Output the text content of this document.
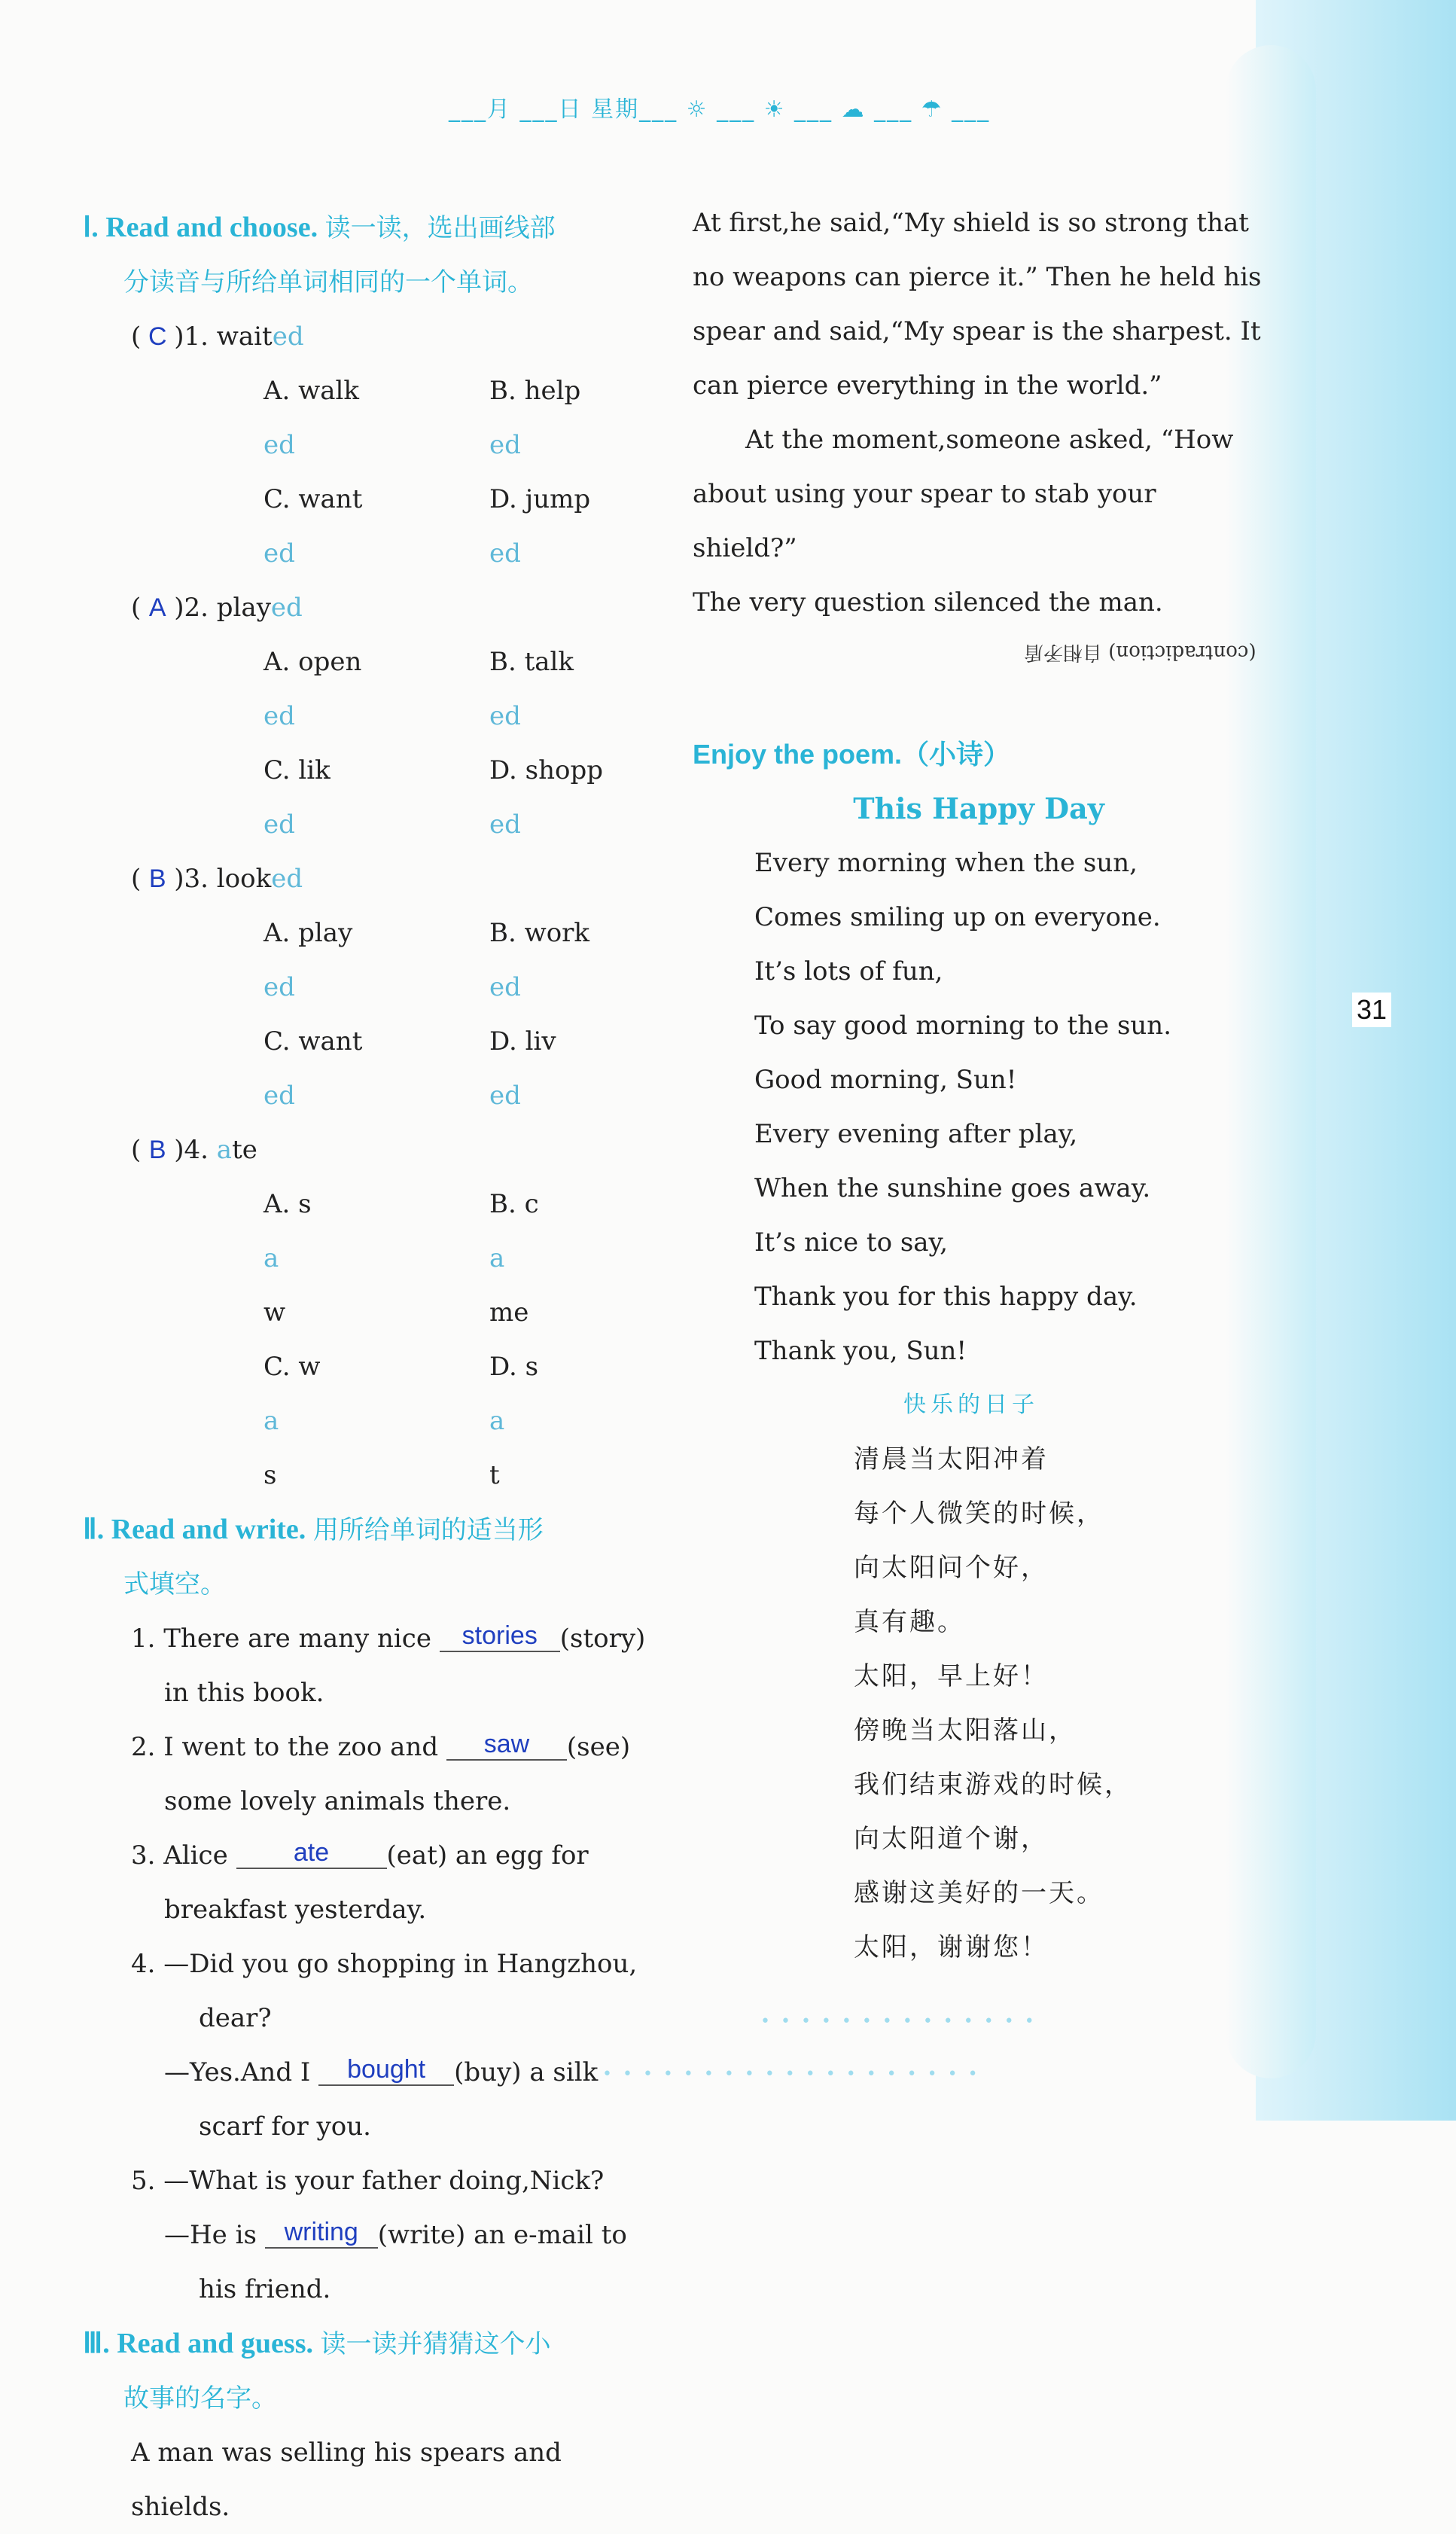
31
___月 ___日 星期___ ☼ ___ ☀ ___ ☁ ___ ☂ ___
Ⅰ. Read and choose. 读一读，选出画线部
分读音与所给单词相同的一个单词。
( C )1. waited
A. walked
B. helped
C. wanted
D. jumped
( A )2. played
A. opened
B. talked
C. liked
D. shopped
( B )3. looked
A. played
B. worked
C. wanted
D. lived
( B )4. ate
A. saw
B. came
C. was
D. sat
Ⅱ. Read and write. 用所给单词的适当形
式填空。
1. There are many nice stories (story)
in this book.
2. I went to the zoo and saw (see)
some lovely animals there.
3. Alice ate (eat) an egg for
breakfast yesterday.
4. —Did you go shopping in Hangzhou,
dear?
—Yes.And I bought (buy) a silk
scarf for you.
5. —What is your father doing,Nick?
—He is writing (write) an e-mail to
his friend.
Ⅲ. Read and guess. 读一读并猜猜这个小
故事的名字。
A man was selling his spears and shields.
At first,he said,“My shield is so strong that
no weapons can pierce it.” Then he held his
spear and said,“My spear is the sharpest. It
can pierce everything in the world.”
At the moment,someone asked, “How
about using your spear to stab your shield?”
The very question silenced the man.
(contradiction) 自相矛盾
Enjoy the poem.（小诗）
This Happy Day
Every morning when the sun,
Comes smiling up on everyone.
It’s lots of fun,
To say good morning to the sun.
Good morning, Sun!
Every evening after play,
When the sunshine goes away.
It’s nice to say,
Thank you for this happy day.
Thank you, Sun!
快乐的日子
清晨当太阳冲着
每个人微笑的时候，
向太阳问个好，
真有趣。
太阳，早上好！
傍晚当太阳落山，
我们结束游戏的时候，
向太阳道个谢，
感谢这美好的一天。
太阳，谢谢您！
••••••••••••••
•••••••••••••••••••
